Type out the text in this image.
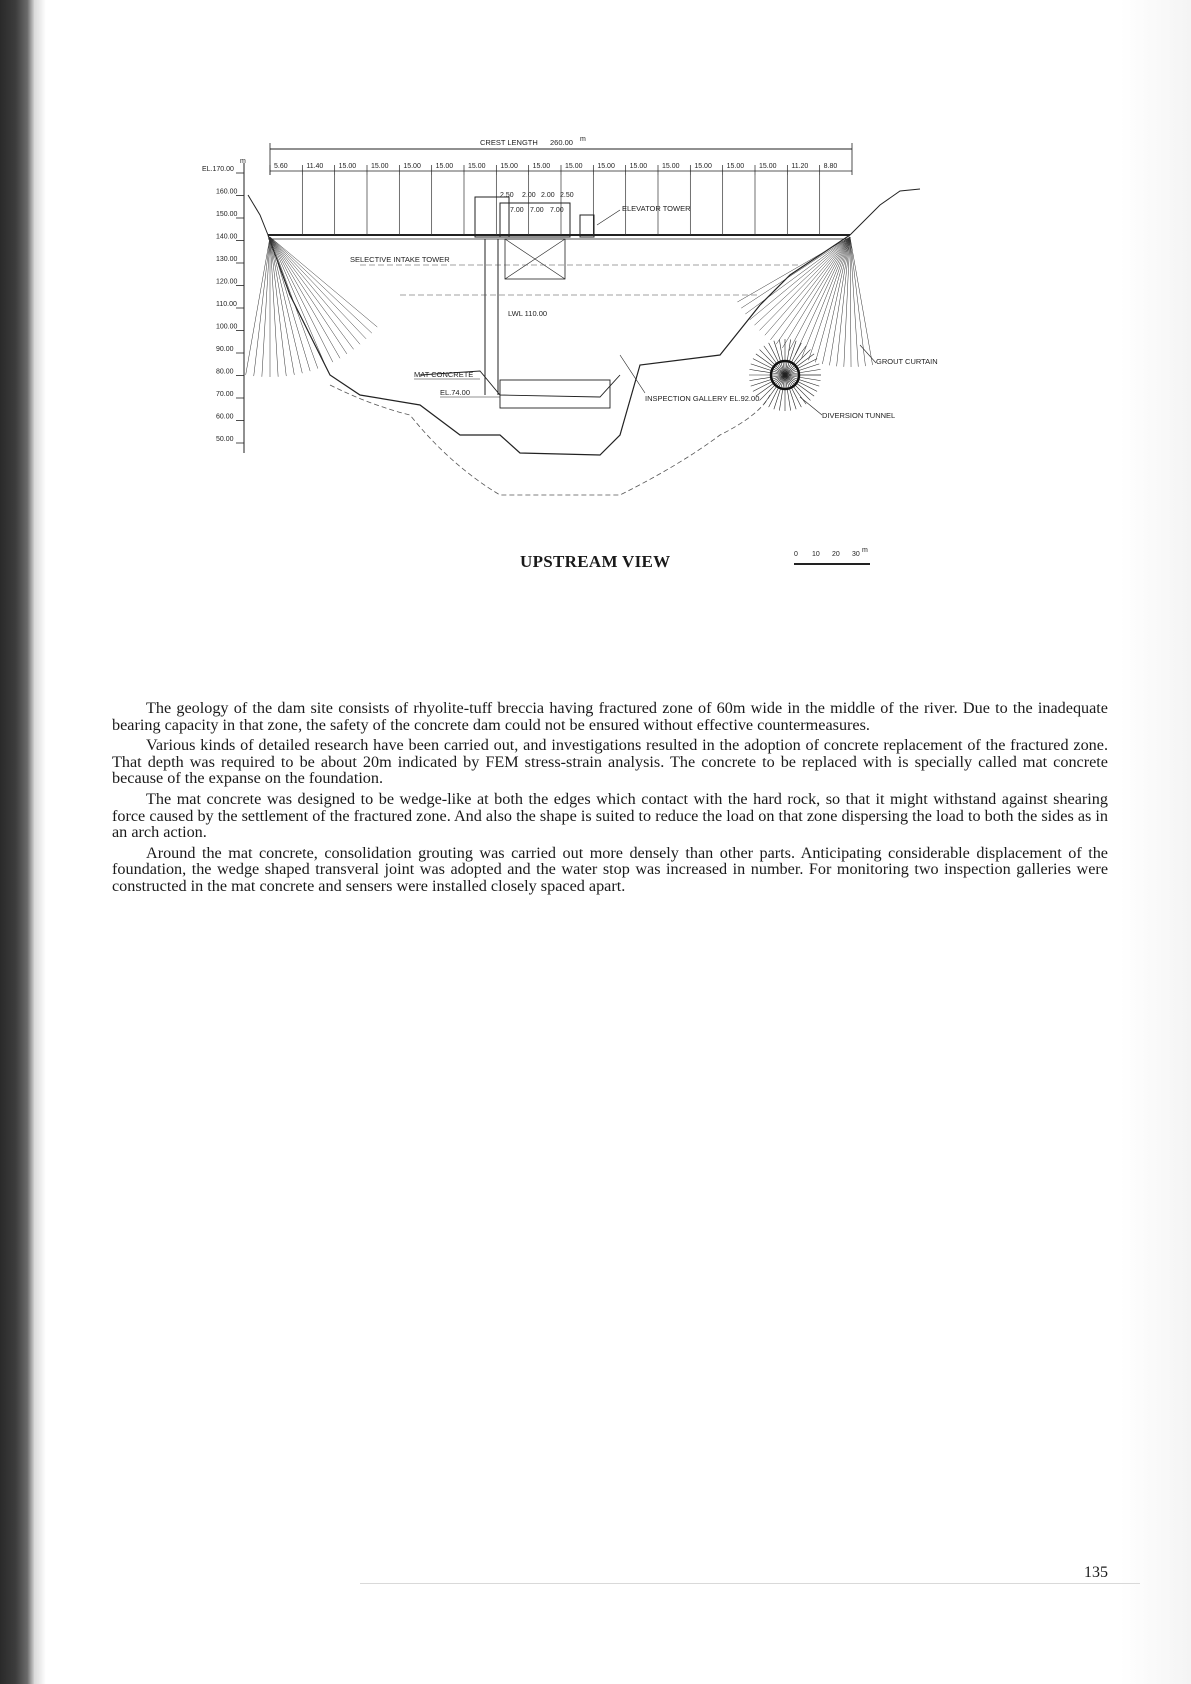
CREST LENGTH 260.00 m
5.60	11.40 15.00 15.00 15.00 15.00 15.00 15.00 15.00 15.00 15.00 15.00 15.00 15.00 15.00 15.00 11.20 8.80
m
EL.170.00
160.00
150.00
140.00
130.00
120.00
110.00
100.00
90.00
80.00
70.00
60.00
50.00
2.50 2.00 2.00 2.50
7.00 7.00 7.00	ELEVATOR TOWER
SELECTIVE INTAKE TOWER
LWL 110.00
MAT CONCRETE
EL.74.00
INSPECTION GALLERY EL.92.00
GROUT CURTAIN
DIVERSION TUNNEL
UPSTREAM VIEW	0 10 20 30
m

The geology of the dam site consists of rhyolite-tuff breccia having fractured zone of 60m wide in the middle of the river. Due to the inadequate bearing capacity in that zone, the safety of the concrete dam could not be ensured without effective countermeasures.

Various kinds of detailed research have been carried out, and investigations resulted in the adoption of concrete replacement of the fractured zone. That depth was required to be about 20m indicated by FEM stress-strain analysis. The concrete to be replaced with is specially called mat concrete because of the expanse on the foundation.

The mat concrete was designed to be wedge-like at both the edges which contact with the hard rock, so that it might withstand against shearing force caused by the settlement of the fractured zone. And also the shape is suited to reduce the load on that zone dispersing the load to both the sides as in an arch action.

Around the mat concrete, consolidation grouting was carried out more densely than other parts. Anticipating considerable displacement of the foundation, the wedge shaped transveral joint was adopted and the water stop was increased in number. For monitoring two inspection galleries were constructed in the mat concrete and sensers were installed closely spaced apart.

135
